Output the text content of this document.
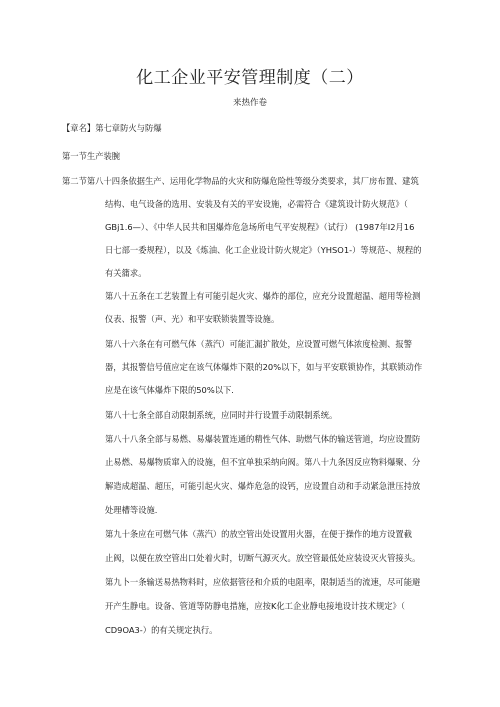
化工企业平安管理制度（二）
来热作卷
【章名】第七章防火与防爆
第一节生产装腕
第二节第八十四条依据生产、运用化学物品的火灾和防爆危险性等级分类要求，其厂房布置、建筑
结构、电气设备的选用、安装及有关的平安设施，必需符合《建筑设计防火规范》（
GBj1.6—）、《中华人民共和国爆炸危急场所电气平安规程》（试行） (1987年I2月16
日七部一委规程），以及《炼油、化工企业设计防火规定》（YHSO1-）等规范-、规程的
有关䈬求。
第八十五条在工艺装置上有可能引起火灾、爆炸的部位，应充分设置超温、超用等检测
仪表、报警（声、光）和平安联锁装置等设施。
第八十六条在有可燃气体（蒸汽）可能汇漏扩散处，应设置可燃气体浓度检测、报警
器，其报警信号值应定在该气体爆炸下限的20%以下，如与平安联锁协作，其联锁动作
应是在该气体爆炸下限的50%以下.
第八十七条全部自动限制系统，应同时并行设置手动限制系统。
第八十八条全部与易燃、易爆装置连通的精性气体、助燃气体的输送管道，均应设置防
止易燃、易爆物质窜入的设施，但不宜单独采纳向阀。第八十九条因反应物料爆聚、分
解造成超温、超压，可能引起火灾、爆炸危急的设钙，应设置自动和手动紧急泄压持放
处理槽等设施.
第九十条应在可燃气体（蒸汽）的放空管出处设置用火器，在便于操作的地方设置截
止阀，以便在放空管出口处着火时，切断气源灭火。放空管最低处应装设灭火管接头。
第九卜一条输送易热物料时，应依据管径和介质的电阻率，限制适当的流速，尽可能避
开产生静电。设备、管道等防静电措施，应按K化工企业静电接地设计技术规定》（
CD9OA3-）的有关规定执行。
